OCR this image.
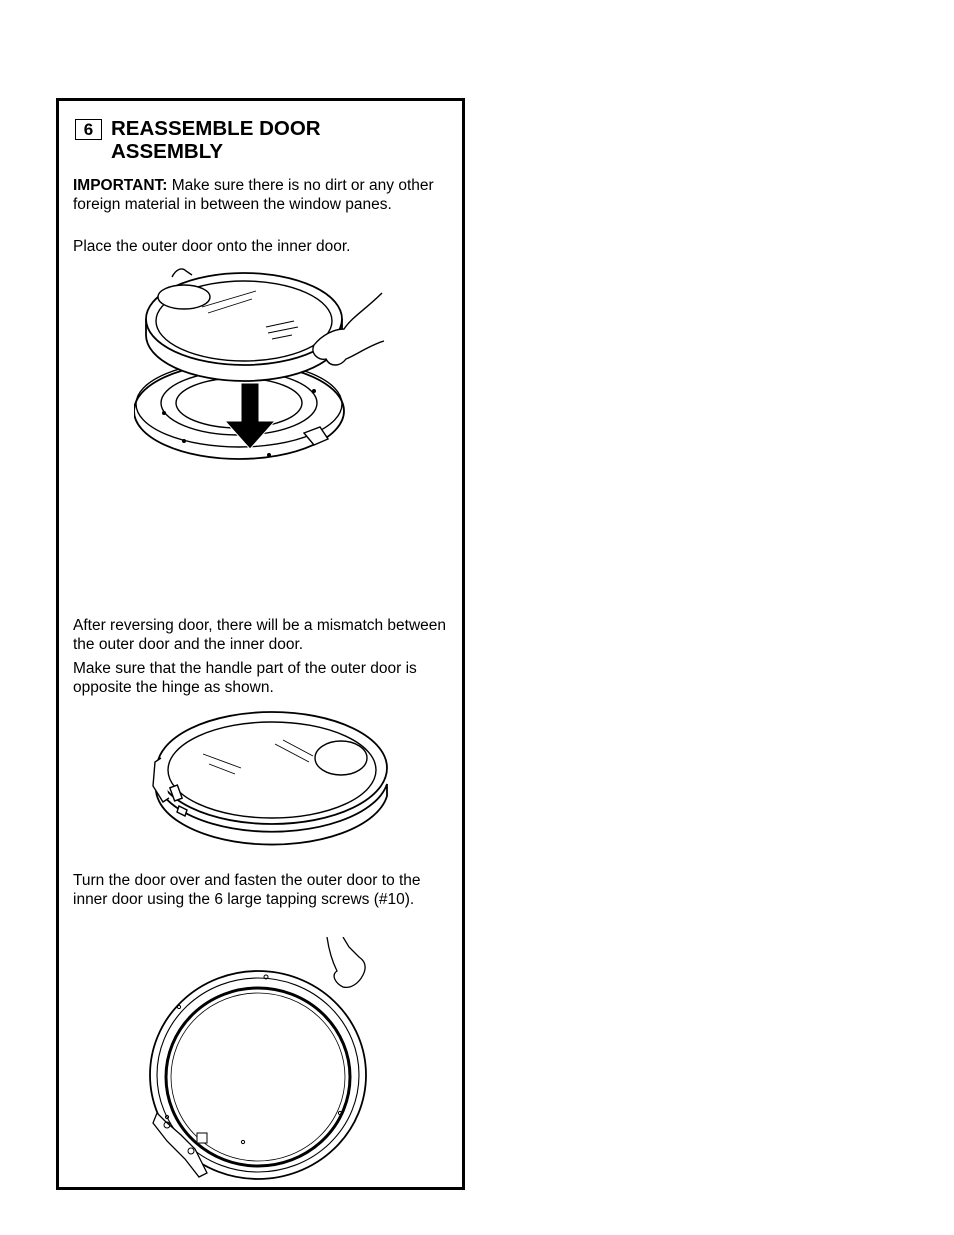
6 REASSEMBLE DOOR ASSEMBLY
IMPORTANT: Make sure there is no dirt or any other foreign material in between the window panes.
Place the outer door onto the inner door.
After reversing door, there will be a mismatch between the outer door and the inner door.
Make sure that the handle part of the outer door is opposite the hinge as shown.
Turn the door over and fasten the outer door to the inner door using the 6 large tapping screws (#10).
